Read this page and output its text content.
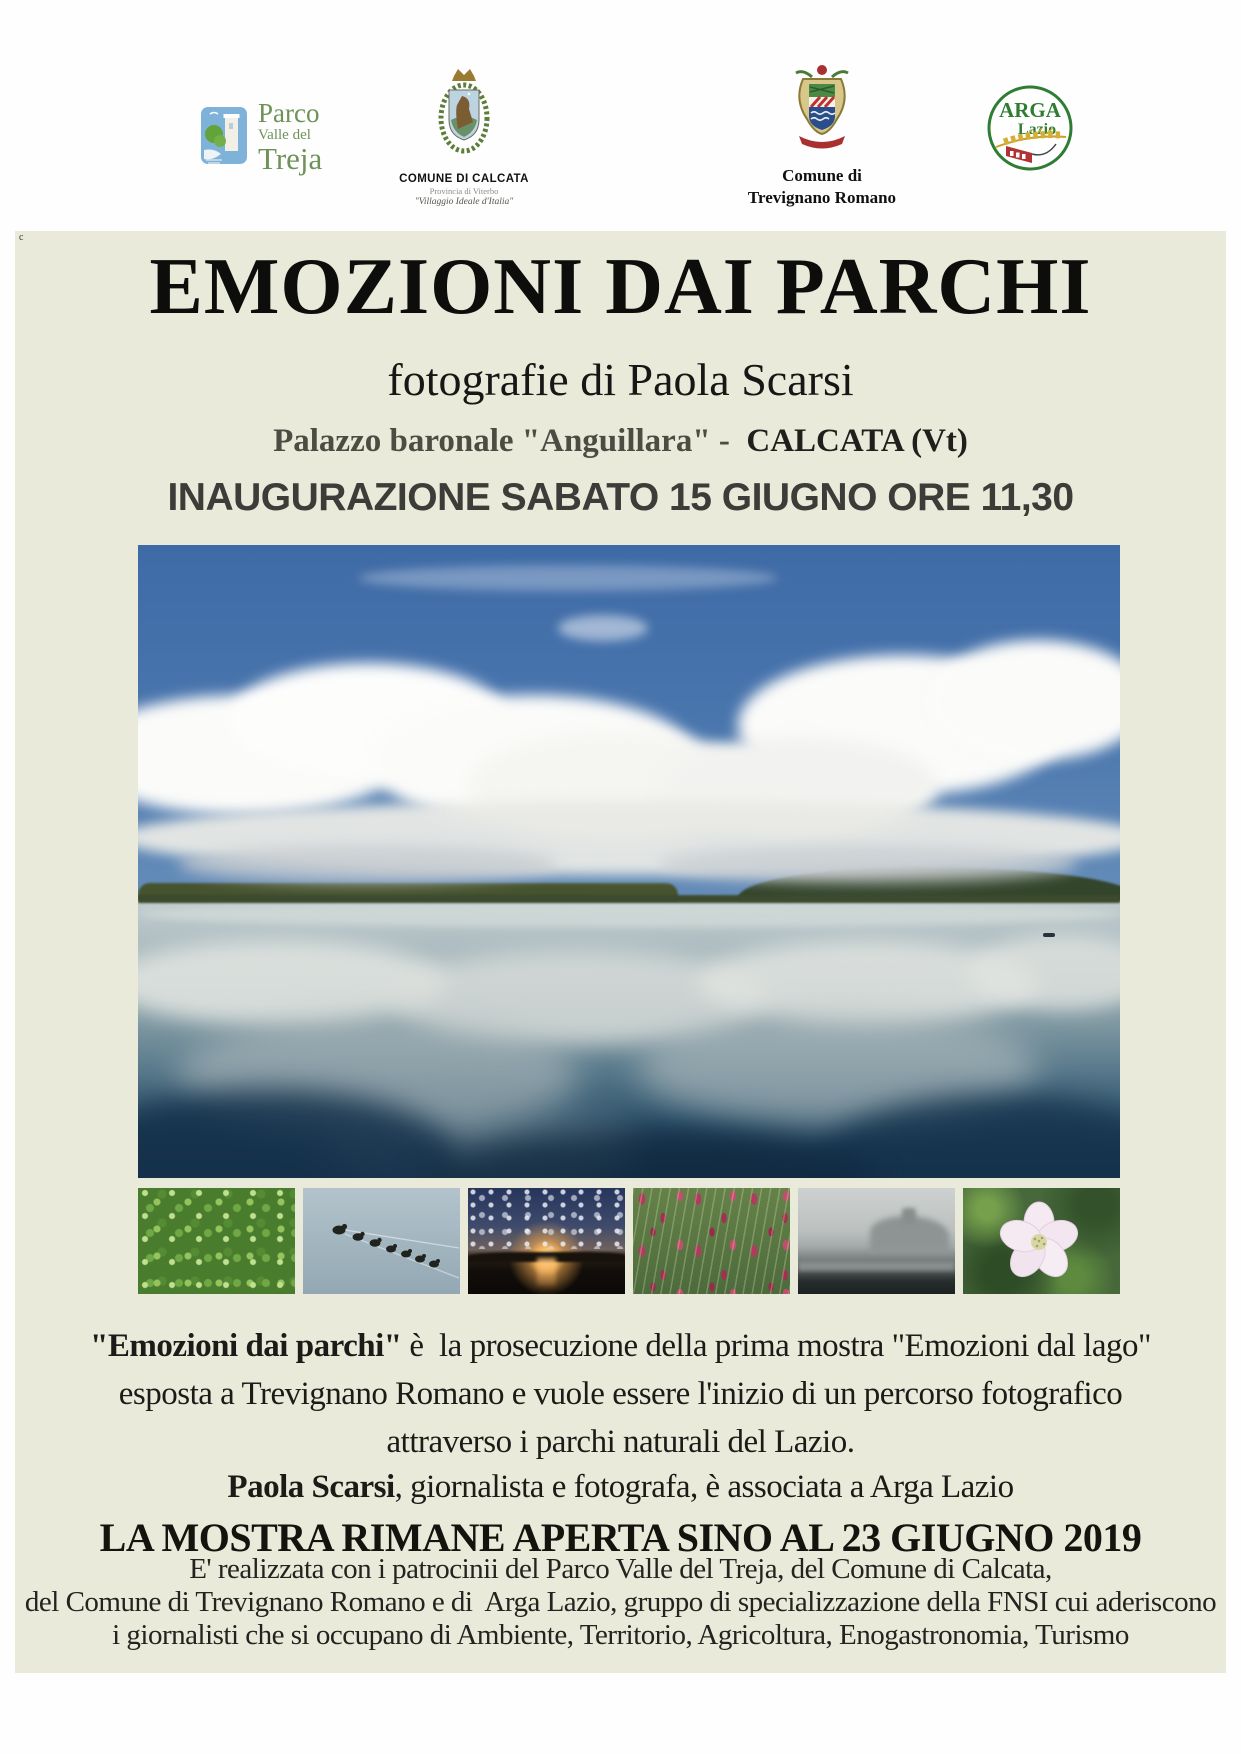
Parco
Valle del
Treja
COMUNE DI CALCATA
Provincia di Viterbo
"Villaggio Ideale d'Italia"
Comune di
Trevignano Romano
ARGA
Lazio
c
EMOZIONI DAI PARCHI
fotografie di Paola Scarsi
Palazzo baronale "Anguillara" -  CALCATA (Vt)
INAUGURAZIONE SABATO 15 GIUGNO ORE 11,30
"Emozioni dai parchi" è  la prosecuzione della prima mostra "Emozioni dal lago"
esposta a Trevignano Romano e vuole essere l'inizio di un percorso fotografico
attraverso i parchi naturali del Lazio.
Paola Scarsi, giornalista e fotografa, è associata a Arga Lazio
LA MOSTRA RIMANE APERTA SINO AL 23 GIUGNO 2019
E' realizzata con i patrocinii del Parco Valle del Treja, del Comune di Calcata,
del Comune di Trevignano Romano e di  Arga Lazio, gruppo di specializzazione della FNSI cui aderiscono
i giornalisti che si occupano di Ambiente, Territorio, Agricoltura, Enogastronomia, Turismo
